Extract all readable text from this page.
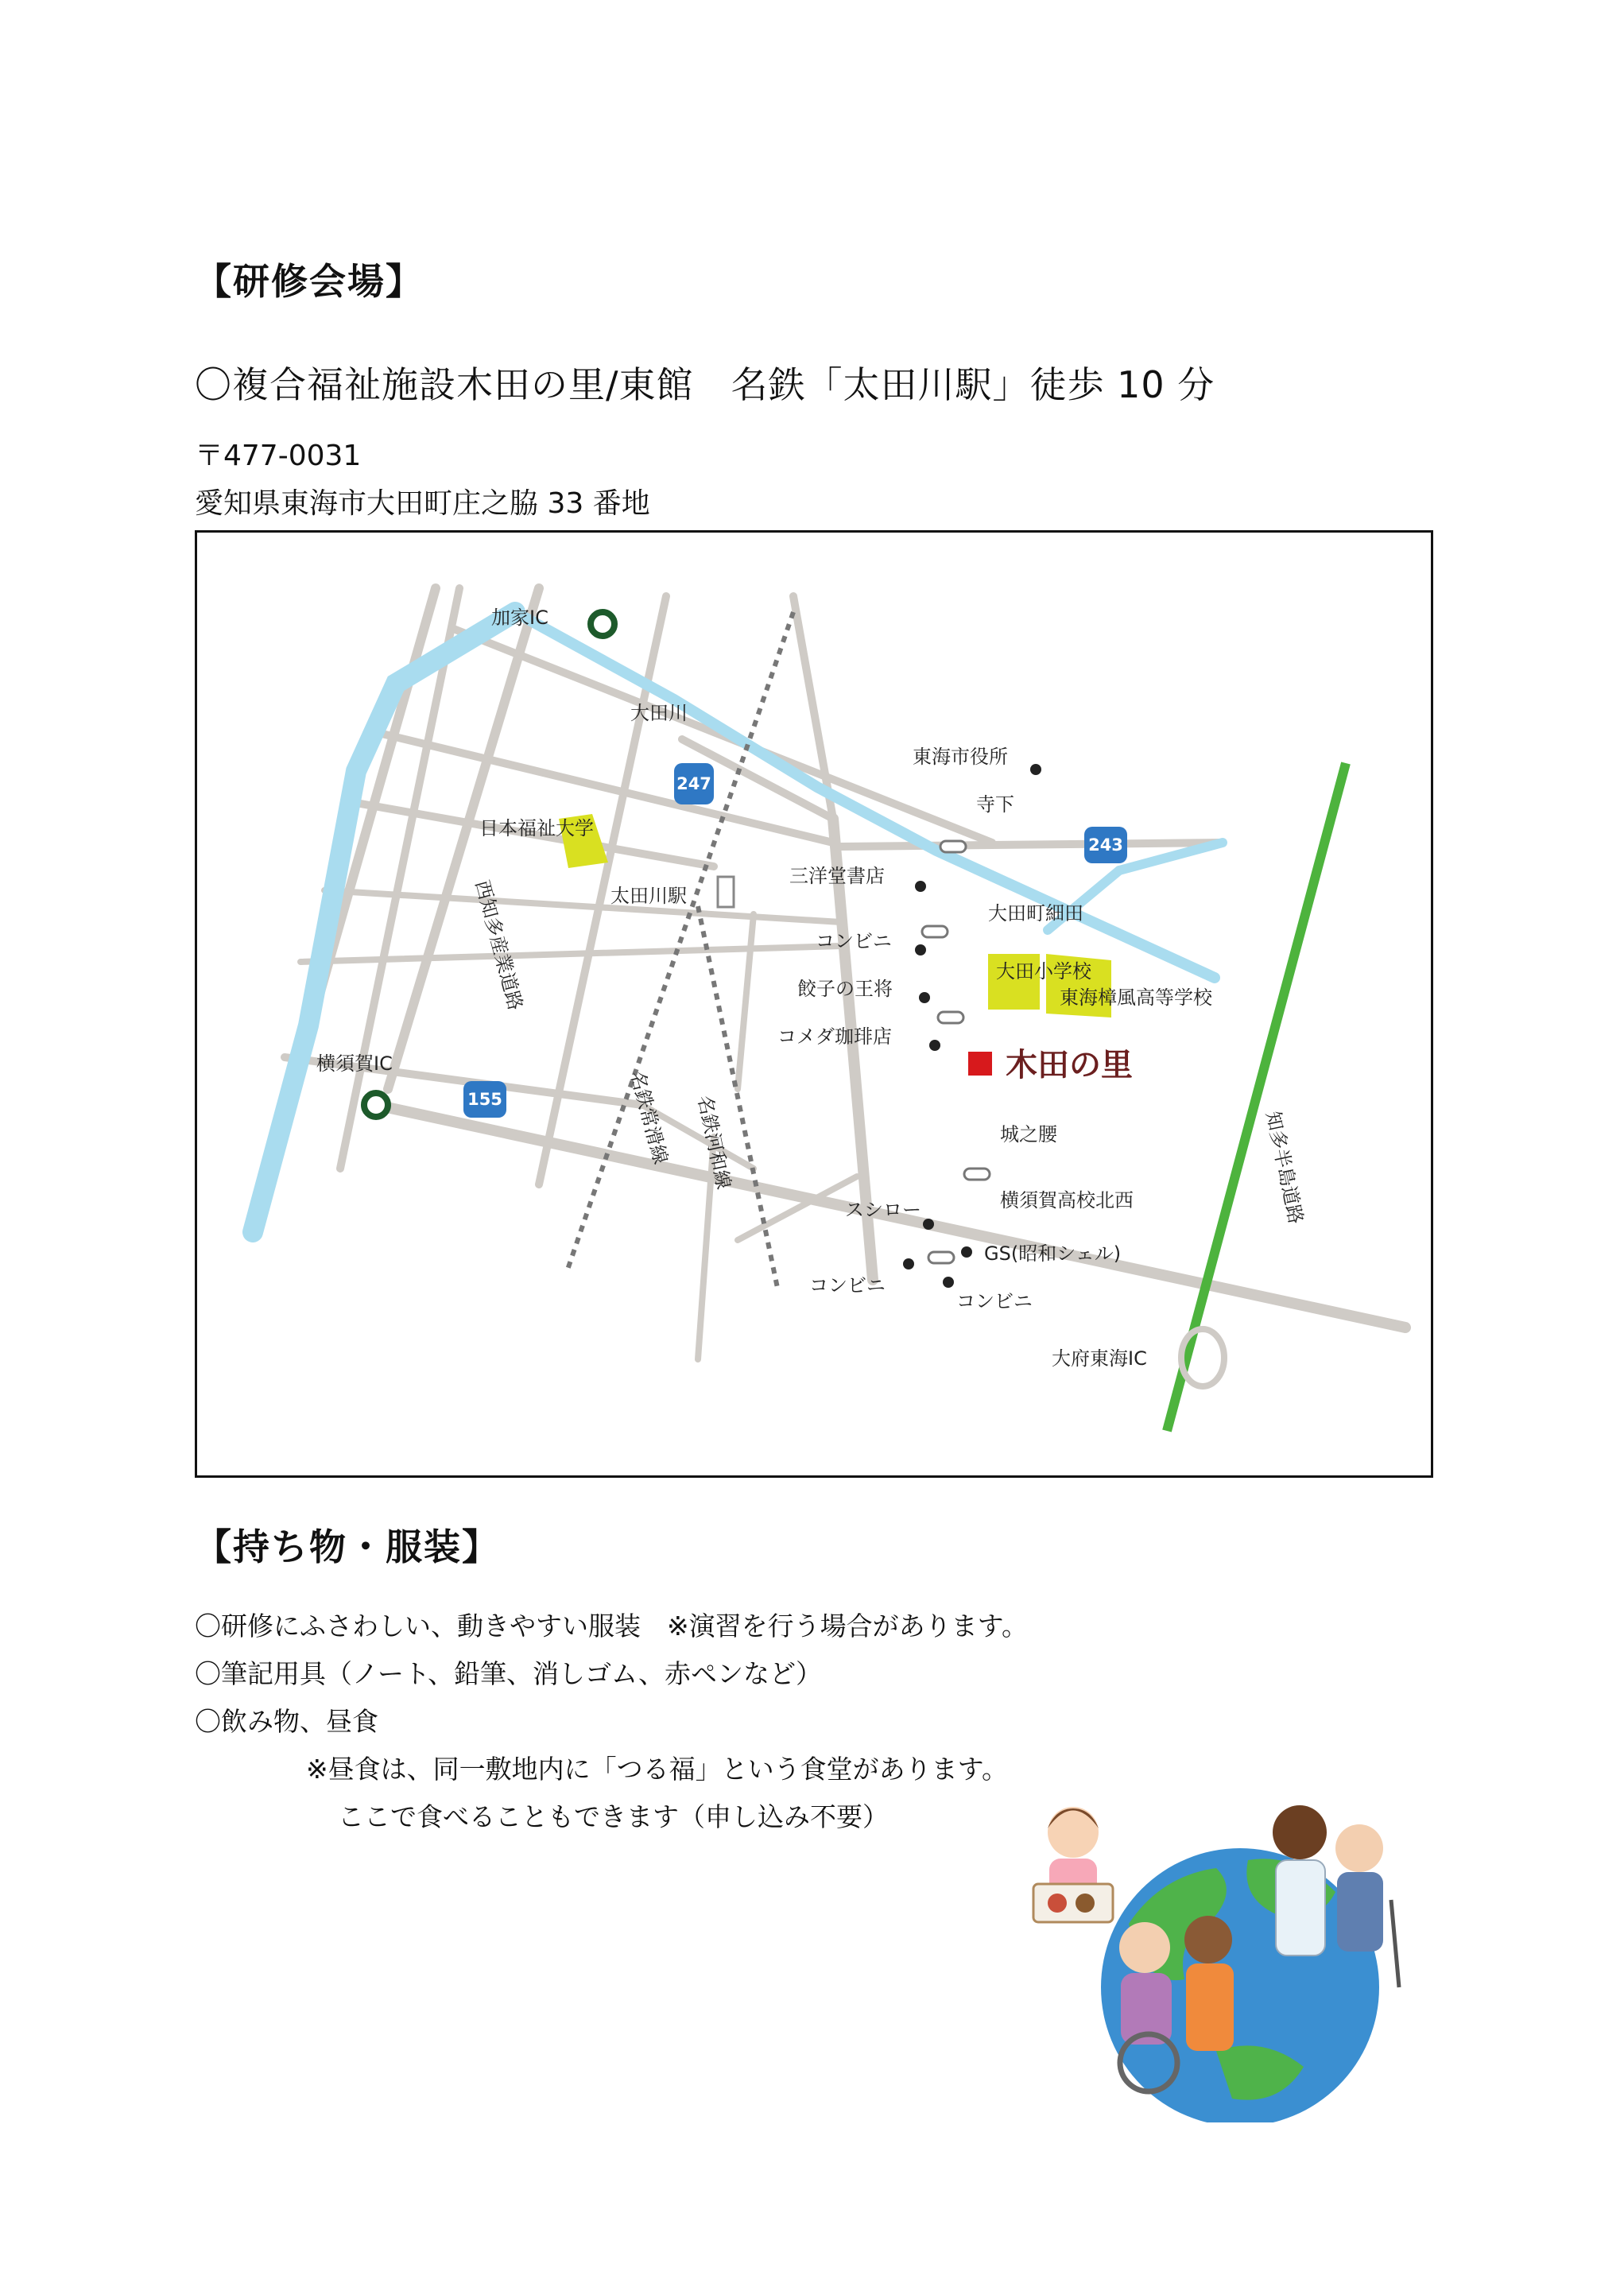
【研修会場】
〇複合福祉施設木田の里/東館　名鉄「太田川駅」徒歩 10 分
〒477-0031
愛知県東海市大田町庄之脇 33 番地
247
243
155
木田の里
加家IC
大田川
東海市役所
寺下
日本福祉大学
太田川駅
三洋堂書店
大田町細田
コンビニ
大田小学校
東海樟風高等学校
餃子の王将
コメダ珈琲店
横須賀IC
城之腰
スシロー	横須賀高校北西
GS(昭和シェル)
コンビニ
コンビニ
大府東海IC
西知多産業道路
名鉄常滑線 名鉄河和線	知多半島道路
【持ち物・服装】
〇研修にふさわしい、動きやすい服装　※演習を行う場合があります。
〇筆記用具（ノート、鉛筆、消しゴム、赤ペンなど）
〇飲み物、昼食
※昼食は、同一敷地内に「つる福」という食堂があります。
ここで食べることもできます（申し込み不要）
